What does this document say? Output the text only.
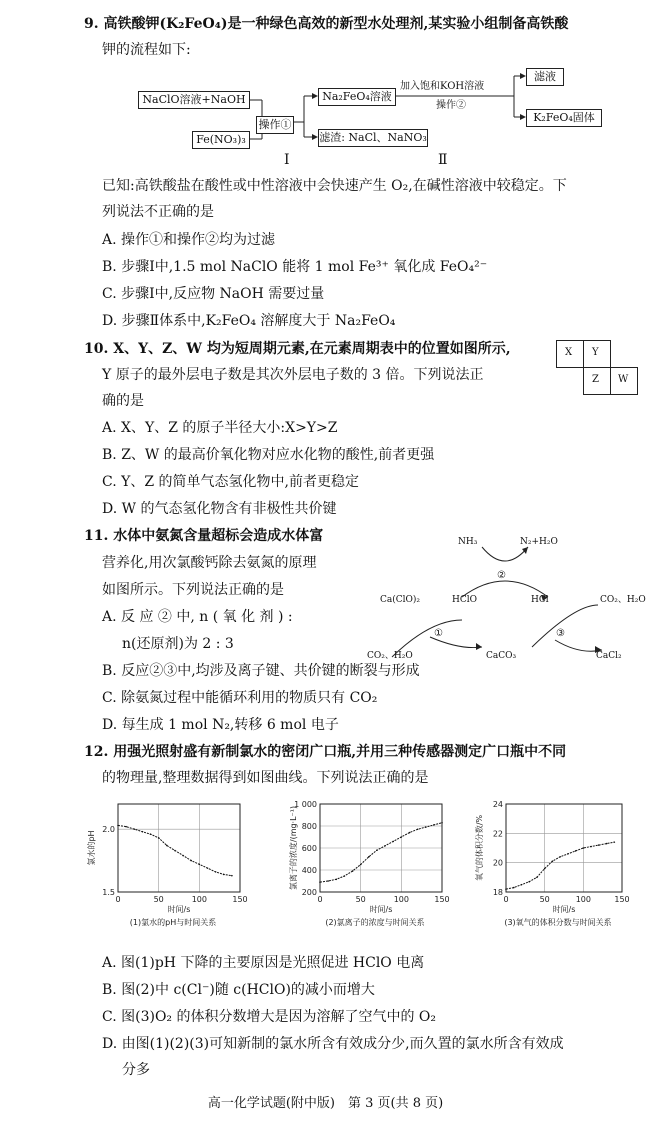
9. 高铁酸钾(K₂FeO₄)是一种绿色高效的新型水处理剂,某实验小组制备高铁酸
钾的流程如下:
NaClO溶液+NaOH
Fe(NO₃)₃
操作①
Na₂FeO₄溶液
滤渣: NaCl、NaNO₃
加入饱和KOH溶液
操作②
滤液
K₂FeO₄固体
Ⅰ	Ⅱ
已知:高铁酸盐在酸性或中性溶液中会快速产生 O₂,在碱性溶液中较稳定。下
列说法不正确的是
A. 操作①和操作②均为过滤
B. 步骤Ⅰ中,1.5 mol NaClO 能将 1 mol Fe³⁺ 氧化成 FeO₄²⁻
C. 步骤Ⅰ中,反应物 NaOH 需要过量
D. 步骤Ⅱ体系中,K₂FeO₄ 溶解度大于 Na₂FeO₄
10. X、Y、Z、W 均为短周期元素,在元素周期表中的位置如图所示,
Y 原子的最外层电子数是其次外层电子数的 3 倍。下列说法正
确的是
X Y
Z W
A. X、Y、Z 的原子半径大小:X>Y>Z
B. Z、W 的最高价氧化物对应水化物的酸性,前者更强
C. Y、Z 的简单气态氢化物中,前者更稳定
D. W 的气态氢化物含有非极性共价键
11. 水体中氨氮含量超标会造成水体富
营养化,用次氯酸钙除去氨氮的原理
如图所示。下列说法正确的是
A. 反 应 ② 中, n ( 氧 化 剂 ) :
n(还原剂)为 2 : 3
NH₃	N₂+H₂O
②
Ca(ClO)₂	HClO	HCl	CO₂、H₂O
①	③
CO₂、H₂O	CaCO₃	CaCl₂
B. 反应②③中,均涉及离子键、共价键的断裂与形成
C. 除氨氮过程中能循环利用的物质只有 CO₂
D. 每生成 1 mol N₂,转移 6 mol 电子
12. 用强光照射盛有新制氯水的密闭广口瓶,并用三种传感器测定广口瓶中不同
的物理量,整理数据得到如图曲线。下列说法正确的是
1.5
2.0
0	50	100	150
时间/s
氯水的pH
(1)氯水的pH与时间关系
200
400
600
800
1 000
0	50	100	150
时间/s
氯离子的浓度/(mg·L⁻¹)
(2)氯离子的浓度与时间关系
18
20
22
24
0	50	100	150
时间/s
氧气的体积分数/%
(3)氧气的体积分数与时间关系
A. 图(1)pH 下降的主要原因是光照促进 HClO 电离
B. 图(2)中 c(Cl⁻)随 c(HClO)的减小而增大
C. 图(3)O₂ 的体积分数增大是因为溶解了空气中的 O₂
D. 由图(1)(2)(3)可知新制的氯水所含有效成分少,而久置的氯水所含有效成
分多
高一化学试题(附中版)　第 3 页(共 8 页)
